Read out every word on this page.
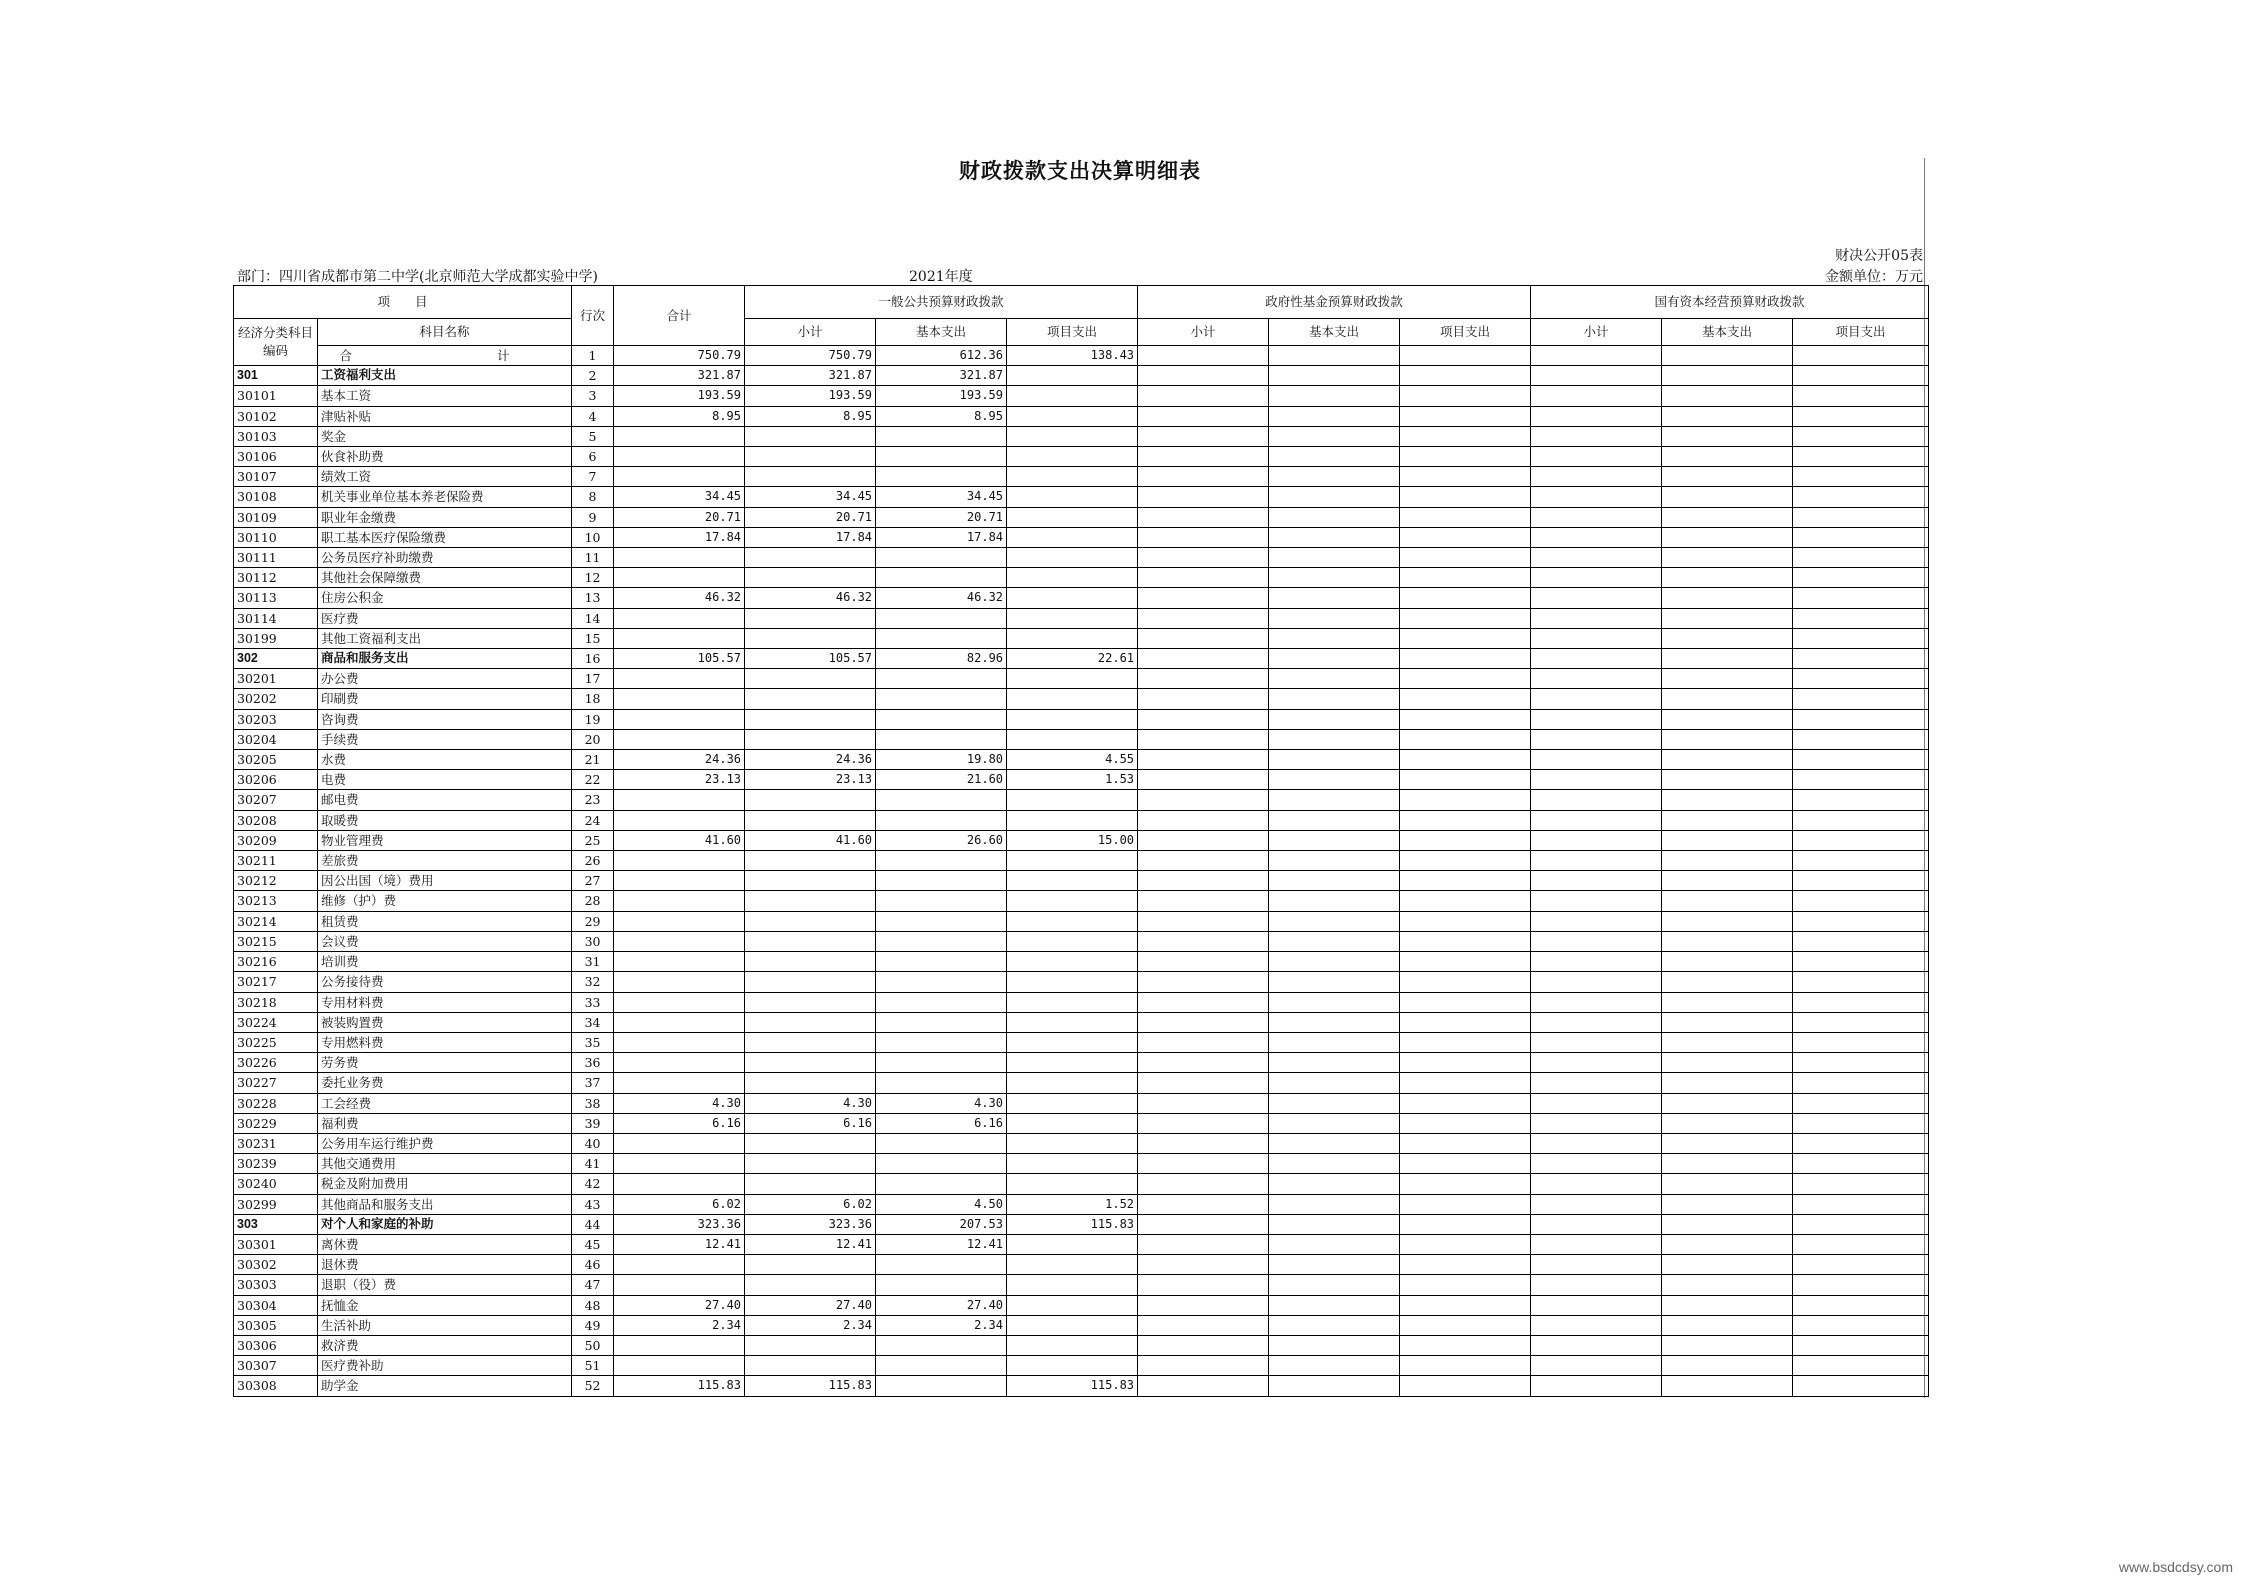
财政拨款支出决算明细表
财决公开05表
部门：四川省成都市第二中学(北京师范大学成都实验中学)	2021年度	金额单位：万元
项　　目		行次	合计	一般公共预算财政拨款			政府性基金预算财政拨款			国有资本经营预算财政拨款		
经济分类科目编码	科目名称			小计	基本支出	项目支出	小计	基本支出	项目支出	小计	基本支出	项目支出
	合　　计	1	750.79	750.79	612.36	138.43						
301	工资福利支出	2	321.87	321.87	321.87							
30101	基本工资	3	193.59	193.59	193.59							
30102	津贴补贴	4	8.95	8.95	8.95							
30103	奖金	5										
30106	伙食补助费	6										
30107	绩效工资	7										
30108	机关事业单位基本养老保险费	8	34.45	34.45	34.45							
30109	职业年金缴费	9	20.71	20.71	20.71							
30110	职工基本医疗保险缴费	10	17.84	17.84	17.84							
30111	公务员医疗补助缴费	11										
30112	其他社会保障缴费	12										
30113	住房公积金	13	46.32	46.32	46.32							
30114	医疗费	14										
30199	其他工资福利支出	15										
302	商品和服务支出	16	105.57	105.57	82.96	22.61						
30201	办公费	17										
30202	印刷费	18										
30203	咨询费	19										
30204	手续费	20										
30205	水费	21	24.36	24.36	19.80	4.55						
30206	电费	22	23.13	23.13	21.60	1.53						
30207	邮电费	23										
30208	取暖费	24										
30209	物业管理费	25	41.60	41.60	26.60	15.00						
30211	差旅费	26										
30212	因公出国（境）费用	27										
30213	维修（护）费	28										
30214	租赁费	29										
30215	会议费	30										
30216	培训费	31										
30217	公务接待费	32										
30218	专用材料费	33										
30224	被装购置费	34										
30225	专用燃料费	35										
30226	劳务费	36										
30227	委托业务费	37										
30228	工会经费	38	4.30	4.30	4.30							
30229	福利费	39	6.16	6.16	6.16							
30231	公务用车运行维护费	40										
30239	其他交通费用	41										
30240	税金及附加费用	42										
30299	其他商品和服务支出	43	6.02	6.02	4.50	1.52						
303	对个人和家庭的补助	44	323.36	323.36	207.53	115.83						
30301	离休费	45	12.41	12.41	12.41							
30302	退休费	46										
30303	退职（役）费	47										
30304	抚恤金	48	27.40	27.40	27.40							
30305	生活补助	49	2.34	2.34	2.34							
30306	救济费	50										
30307	医疗费补助	51										
30308	助学金	52	115.83	115.83		115.83						
www.bsdcdsy.com
